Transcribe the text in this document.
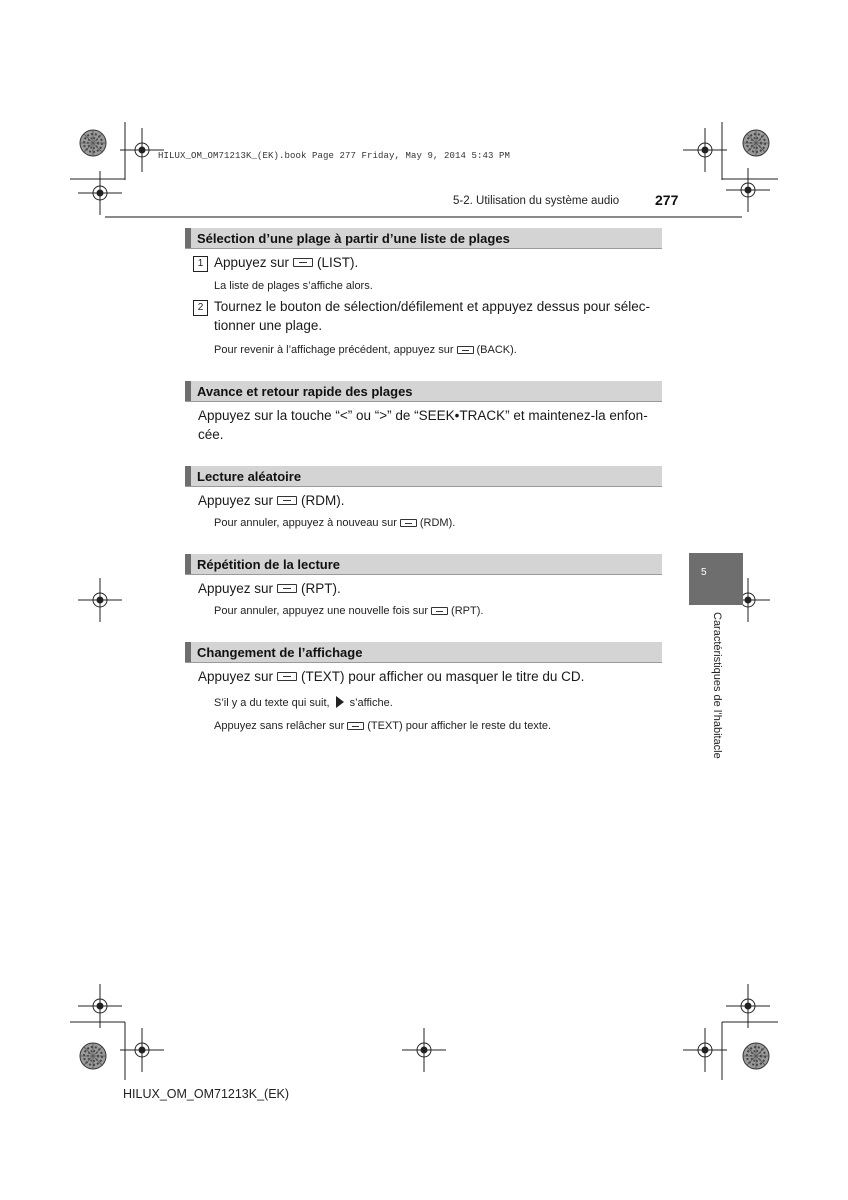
HILUX_OM_OM71213K_(EK).book Page 277 Friday, May 9, 2014 5:43 PM
5-2. Utilisation du système audio	277
Sélection d’une plage à partir d’une liste de plages
1 Appuyez sur (LIST).
La liste de plages s’affiche alors.
2 Tournez le bouton de sélection/défilement et appuyez dessus pour sélec-
tionner une plage.
Pour revenir à l’affichage précédent, appuyez sur (BACK).
Avance et retour rapide des plages
Appuyez sur la touche “<” ou “>” de “SEEK•TRACK” et maintenez-la enfon-
cée.
Lecture aléatoire
Appuyez sur (RDM).
Pour annuler, appuyez à nouveau sur (RDM).
Répétition de la lecture
Appuyez sur (RPT).
Pour annuler, appuyez une nouvelle fois sur (RPT).
Changement de l’affichage
Appuyez sur (TEXT) pour afficher ou masquer le titre du CD.
S’il y a du texte qui suit, s’affiche.
Appuyez sans relâcher sur (TEXT) pour afficher le reste du texte.
5
Caractéristiques de l’habitacle
HILUX_OM_OM71213K_(EK)
